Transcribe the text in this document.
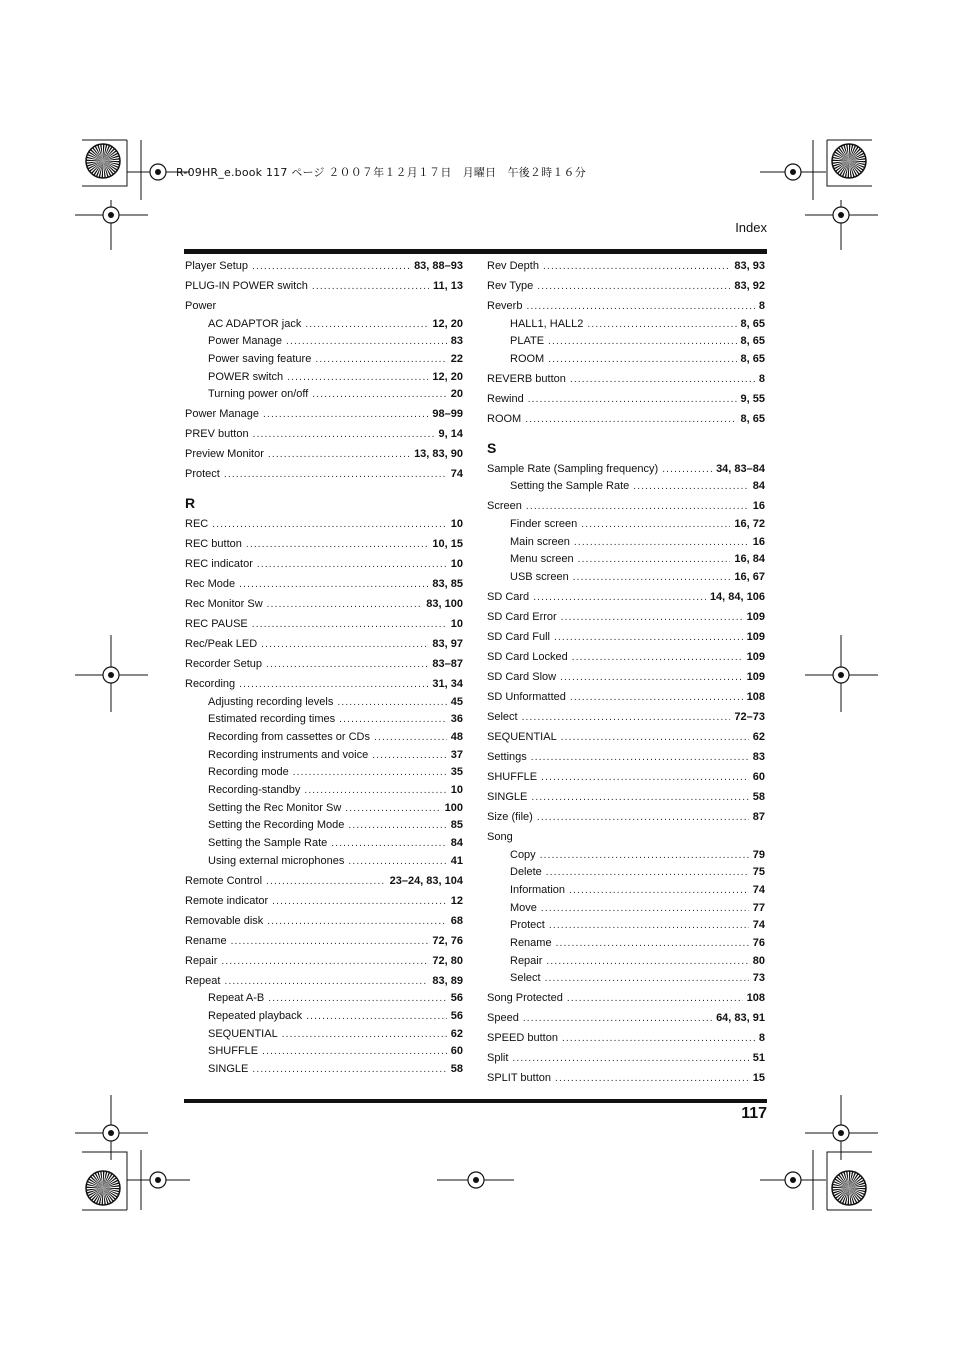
R-09HR_e.book 117 ページ ２００７年１２月１７日　月曜日　午後２時１６分
Index
Player Setup .....	83, 88–93
PLUG-IN POWER switch .....	11, 13
Power
AC ADAPTOR jack .....	12, 20
Power Manage .....	83
Power saving feature .....	22
POWER switch .....	12, 20
Turning power on/off .....	20
Power Manage .....	98–99
PREV button .....	9, 14
Preview Monitor .....	13, 83, 90
Protect .....	74
R
REC .....	10
REC button .....	10, 15
REC indicator .....	10
Rec Mode .....	83, 85
Rec Monitor Sw .....	83, 100
REC PAUSE .....	10
Rec/Peak LED .....	83, 97
Recorder Setup .....	83–87
Recording .....	31, 34
Adjusting recording levels .....	45
Estimated recording times .....	36
Recording from cassettes or CDs .....	48
Recording instruments and voice .....	37
Recording mode .....	35
Recording-standby .....	10
Setting the Rec Monitor Sw .....	100
Setting the Recording Mode .....	85
Setting the Sample Rate .....	84
Using external microphones .....	41
Remote Control .....	23–24, 83, 104
Remote indicator .....	12
Removable disk .....	68
Rename .....	72, 76
Repair .....	72, 80
Repeat .....	83, 89
Repeat A-B .....	56
Repeated playback .....	56
SEQUENTIAL .....	62
SHUFFLE .....	60
SINGLE .....	58
Rev Depth .....	83, 93
Rev Type .....	83, 92
Reverb .....	8
HALL1, HALL2 .....	8, 65
PLATE .....	8, 65
ROOM .....	8, 65
REVERB button .....	8
Rewind .....	9, 55
ROOM .....	8, 65
S
Sample Rate (Sampling frequency) .....	34, 83–84
Setting the Sample Rate .....	84
Screen .....	16
Finder screen .....	16, 72
Main screen .....	16
Menu screen .....	16, 84
USB screen .....	16, 67
SD Card .....	14, 84, 106
SD Card Error .....	109
SD Card Full .....	109
SD Card Locked .....	109
SD Card Slow .....	109
SD Unformatted .....	108
Select .....	72–73
SEQUENTIAL .....	62
Settings .....	83
SHUFFLE .....	60
SINGLE .....	58
Size (file) .....	87
Song
Copy .....	79
Delete .....	75
Information .....	74
Move .....	77
Protect .....	74
Rename .....	76
Repair .....	80
Select .....	73
Song Protected .....	108
Speed .....	64, 83, 91
SPEED button .....	8
Split .....	51
SPLIT button .....	15
117
